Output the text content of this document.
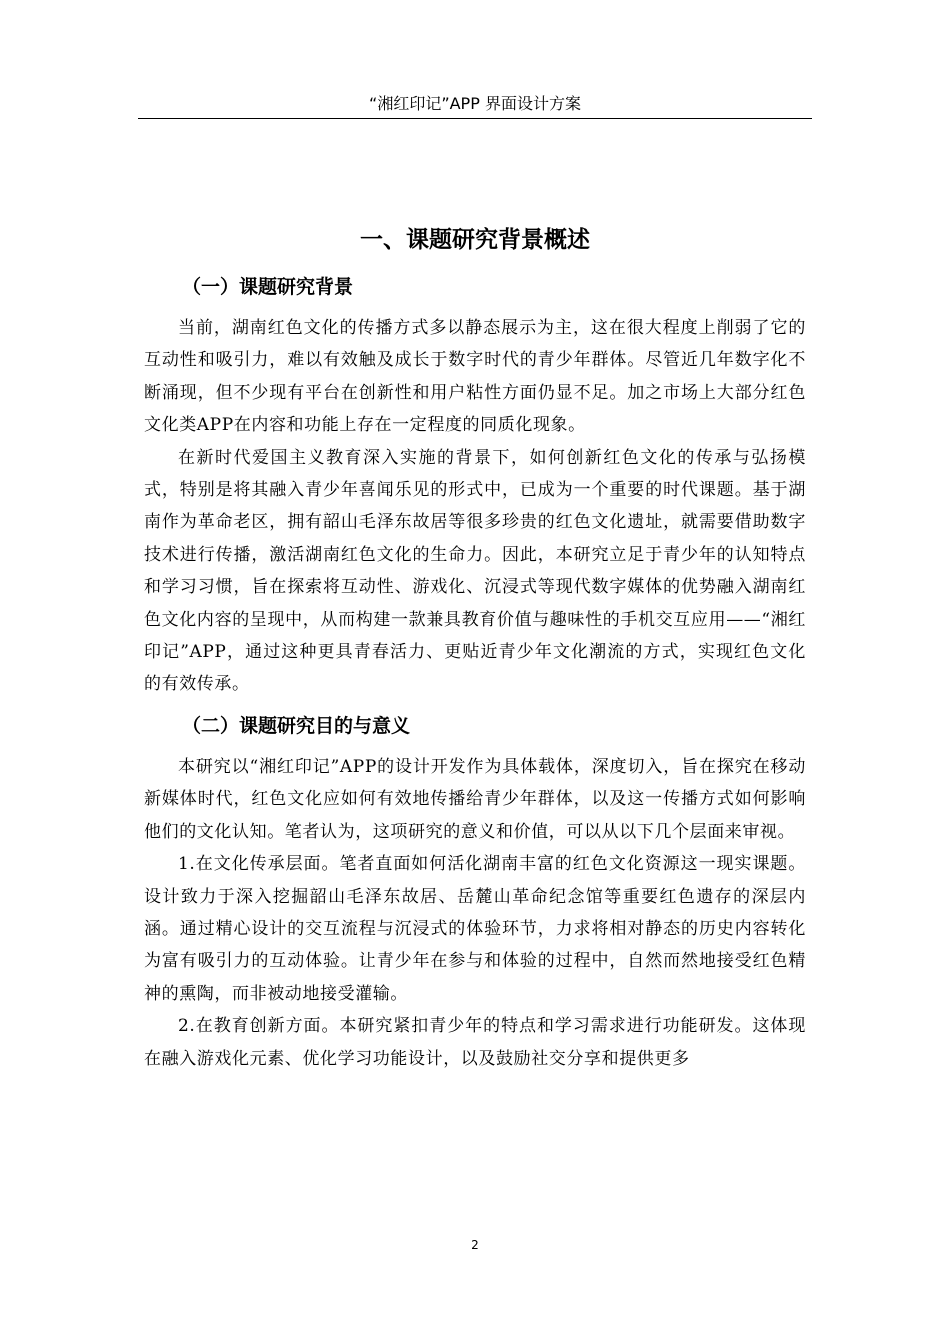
“湘红印记”APP 界面设计方案
一、课题研究背景概述
（一）课题研究背景

当前，湖南红色文化的传播方式多以静态展示为主，这在很大程度上削弱了它的互动性和吸引力，难以有效触及成长于数字时代的青少年群体。尽管近几年数字化不断涌现，但不少现有平台在创新性和用户粘性方面仍显不足。加之市场上大部分红色文化类APP在内容和功能上存在一定程度的同质化现象。

在新时代爱国主义教育深入实施的背景下，如何创新红色文化的传承与弘扬模式，特别是将其融入青少年喜闻乐见的形式中，已成为一个重要的时代课题。基于湖南作为革命老区，拥有韶山毛泽东故居等很多珍贵的红色文化遗址，就需要借助数字技术进行传播，激活湖南红色文化的生命力。因此，本研究立足于青少年的认知特点和学习习惯，旨在探索将互动性、游戏化、沉浸式等现代数字媒体的优势融入湖南红色文化内容的呈现中，从而构建一款兼具教育价值与趣味性的手机交互应用——“湘红印记”APP，通过这种更具青春活力、更贴近青少年文化潮流的方式，实现红色文化的有效传承。

（二）课题研究目的与意义

本研究以“湘红印记”APP的设计开发作为具体载体，深度切入，旨在探究在移动新媒体时代，红色文化应如何有效地传播给青少年群体，以及这一传播方式如何影响他们的文化认知。笔者认为，这项研究的意义和价值，可以从以下几个层面来审视。

1.在文化传承层面。笔者直面如何活化湖南丰富的红色文化资源这一现实课题。设计致力于深入挖掘韶山毛泽东故居、岳麓山革命纪念馆等重要红色遗存的深层内涵。通过精心设计的交互流程与沉浸式的体验环节，力求将相对静态的历史内容转化为富有吸引力的互动体验。让青少年在参与和体验的过程中，自然而然地接受红色精神的熏陶，而非被动地接受灌输。

2.在教育创新方面。本研究紧扣青少年的特点和学习需求进行功能研发。这体现在融入游戏化元素、优化学习功能设计，以及鼓励社交分享和提供更多

2
